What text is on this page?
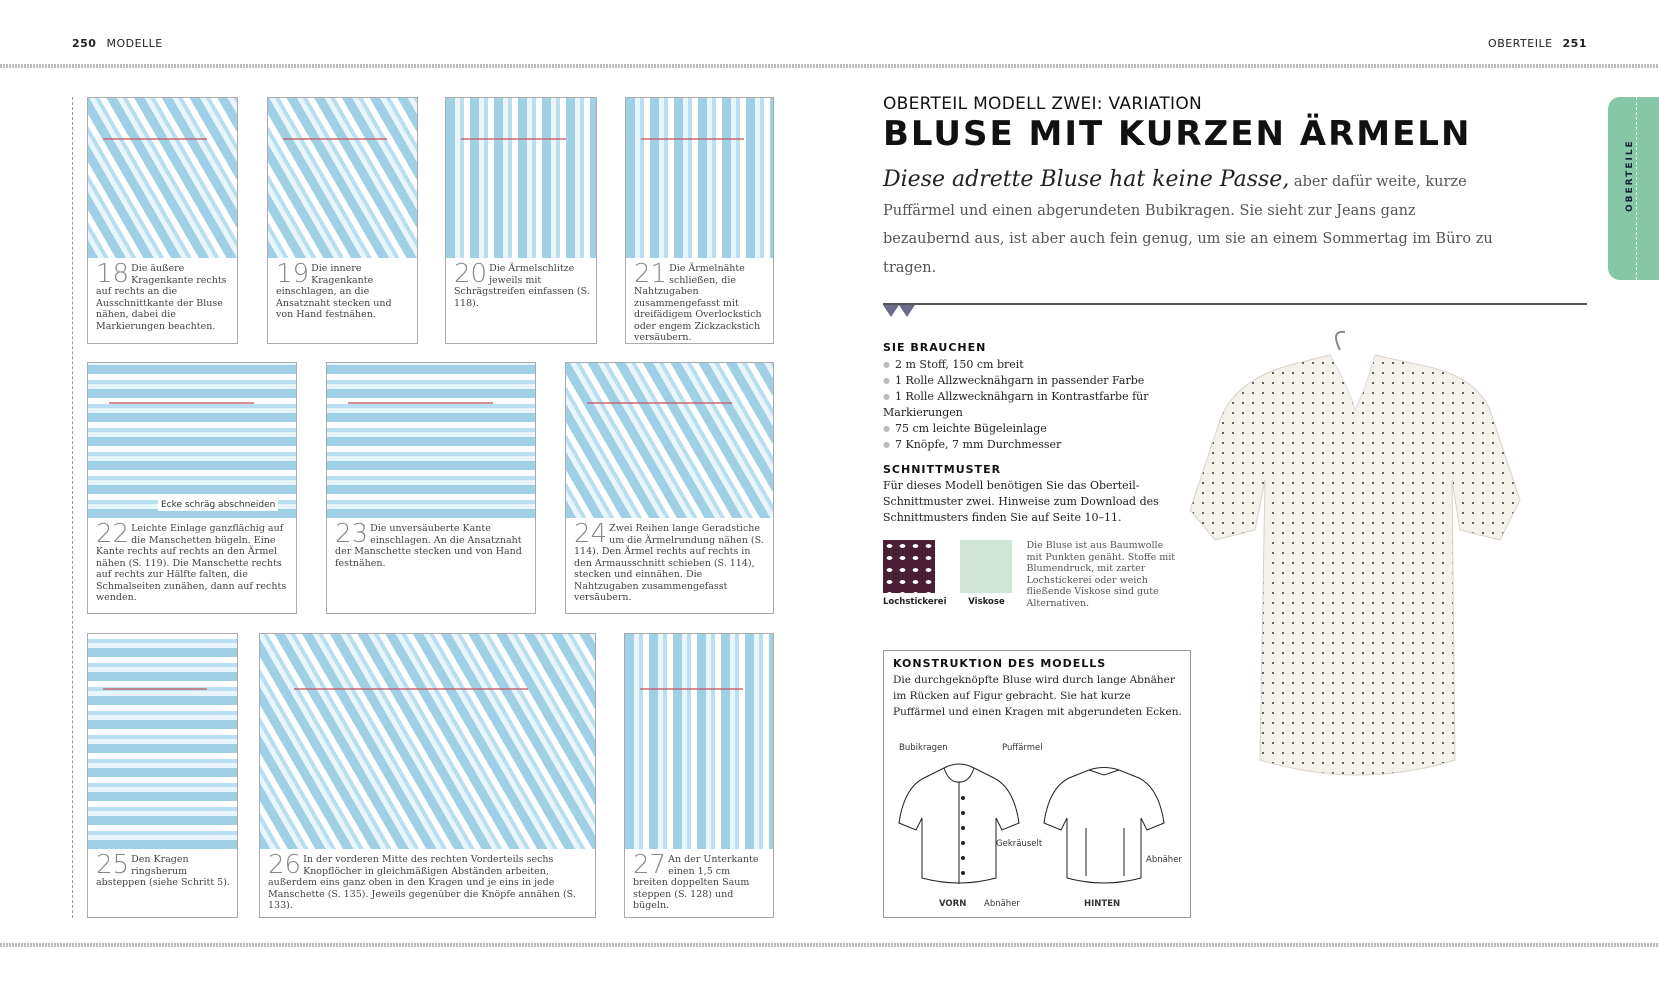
250 MODELLE	OBERTEILE 251
18 Die äußere Kragenkante rechts auf rechts an die Ausschnittkante der Bluse nähen, dabei die Markierungen beachten.
19 Die innere Kragenkante einschlagen, an die Ansatznaht stecken und von Hand festnähen.
20 Die Ärmelschlitze jeweils mit Schrägstreifen einfassen (S. 118).
21 Die Ärmelnähte schließen, die Nahtzugaben zusammengefasst mit dreifädigem Overlockstich oder engem Zickzackstich versäubern.
Ecke schräg abschneiden
22 Leichte Einlage ganzflächig auf die Manschetten bügeln. Eine Kante rechts auf rechts an den Ärmel nähen (S. 119). Die Manschette rechts auf rechts zur Hälfte falten, die Schmalseiten zunähen, dann auf rechts wenden.
23 Die unversäuberte Kante einschlagen. An die Ansatznaht der Manschette stecken und von Hand festnähen.
24 Zwei Reihen lange Geradstiche um die Ärmelrundung nähen (S. 114). Den Ärmel rechts auf rechts in den Armausschnitt schieben (S. 114), stecken und einnähen. Die Nahtzugaben zusammengefasst versäubern.
25 Den Kragen ringsherum absteppen (siehe Schritt 5).
26 In der vorderen Mitte des rechten Vorderteils sechs Knopflöcher in gleichmäßigen Abständen arbeiten, außerdem eins ganz oben in den Kragen und je eins in jede Manschette (S. 135). Jeweils gegenüber die Knöpfe annähen (S. 133).
27 An der Unterkante einen 1,5 cm breiten doppelten Saum steppen (S. 128) und bügeln.
OBERTEIL MODELL ZWEI: VARIATION
BLUSE MIT KURZEN ÄRMELN
Diese adrette Bluse hat keine Passe, aber dafür weite, kurze Puffärmel und einen abgerundeten Bubikragen. Sie sieht zur Jeans ganz bezaubernd aus, ist aber auch fein genug, um sie an einem Sommertag im Büro zu tragen.
SIE BRAUCHEN
● 2 m Stoff, 150 cm breit
● 1 Rolle Allzwecknähgarn in passender Farbe
● 1 Rolle Allzwecknähgarn in Kontrastfarbe für Markierungen
● 75 cm leichte Bügeleinlage
● 7 Knöpfe, 7 mm Durchmesser
SCHNITTMUSTER
Für dieses Modell benötigen Sie das Oberteil-Schnittmuster zwei. Hinweise zum Download des Schnittmusters finden Sie auf Seite 10–11.
Lochstickerei	Viskose
Die Bluse ist aus Baumwolle mit Punkten genäht. Stoffe mit Blumendruck, mit zarter Lochstickerei oder weich fließende Viskose sind gute Alternativen.
KONSTRUKTION DES MODELLS
Die durchgeknöpfte Bluse wird durch lange Abnäher im Rücken auf Figur gebracht. Sie hat kurze Puffärmel und einen Kragen mit abgerundeten Ecken.
Bubikragen	Puffärmel
Gekräuselt
Abnäher
Abnäher
VORN	HINTEN
OBERTEILE
